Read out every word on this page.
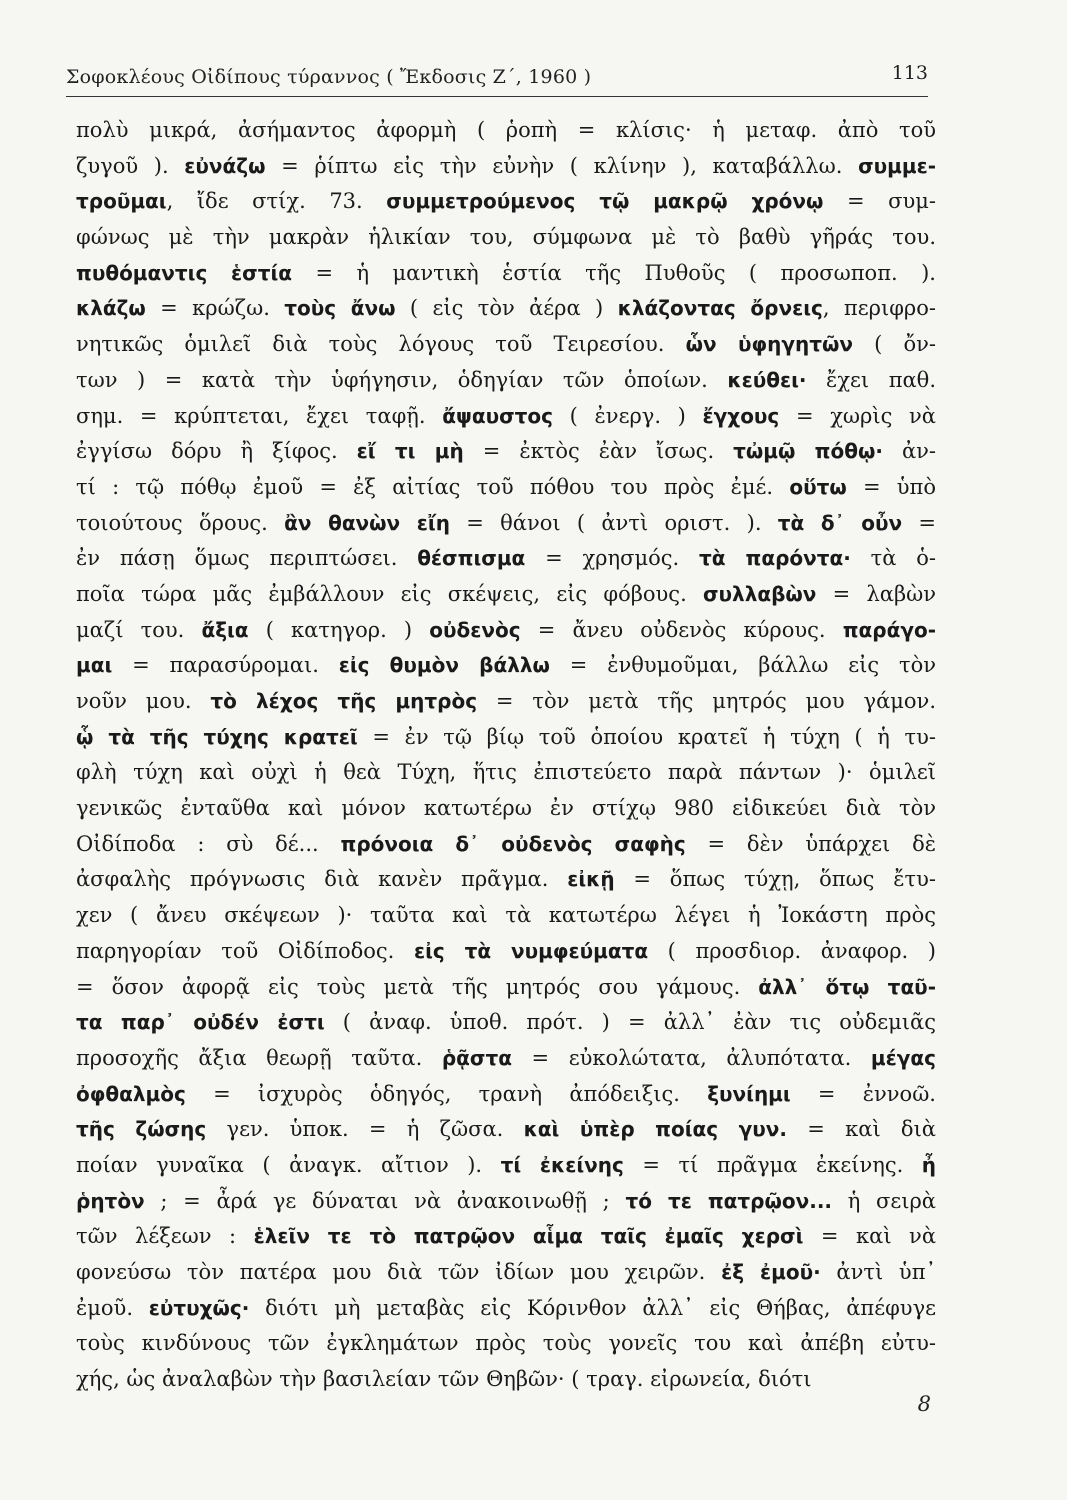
Σοφοκλέους Οἰδίπους τύραννος ( Ἔκδοσις Ζ΄, 1960 )	113
πολὺ μικρά, ἀσήμαντος ἀφορμὴ ( ῥοπὴ = κλίσις· ἡ μεταφ. ἀπὸ τοῦ
ζυγοῦ ). εὐνάζω = ῥίπτω εἰς τὴν εὐνὴν ( κλίνην ), καταβάλλω. συμμε-
τροῦμαι, ἴδε στίχ. 73. συμμετρούμενος τῷ μακρῷ χρόνῳ = συμ-
φώνως μὲ τὴν μακρὰν ἡλικίαν του, σύμφωνα μὲ τὸ βαθὺ γῆράς του.
πυθόμαντις ἑστία = ἡ μαντικὴ ἑστία τῆς Πυθοῦς ( προσωποπ. ).
κλάζω = κρώζω. τοὺς ἄνω ( εἰς τὸν ἀέρα ) κλάζοντας ὄρνεις, περιφρο-
νητικῶς ὁμιλεῖ διὰ τοὺς λόγους τοῦ Τειρεσίου. ὧν ὑφηγητῶν ( ὄν-
των ) = κατὰ τὴν ὑφήγησιν, ὁδηγίαν τῶν ὁποίων. κεύθει· ἔχει παθ.
σημ. = κρύπτεται, ἔχει ταφῇ. ἄψαυστος ( ἐνεργ. ) ἔγχους = χωρὶς νὰ
ἐγγίσω δόρυ ἢ ξίφος. εἴ τι μὴ = ἐκτὸς ἐὰν ἴσως. τὠμῷ πόθῳ· ἀν-
τί : τῷ πόθῳ ἐμοῦ = ἐξ αἰτίας τοῦ πόθου του πρὸς ἐμέ. οὕτω = ὑπὸ
τοιούτους ὅρους. ἂν θανὼν εἴη = θάνοι ( ἀντὶ οριστ. ). τὰ δ᾽ οὖν =
ἐν πάσῃ ὅμως περιπτώσει. θέσπισμα = χρησμός. τὰ παρόντα· τὰ ὁ-
ποῖα τώρα μᾶς ἐμβάλλουν εἰς σκέψεις, εἰς φόβους. συλλαβὼν = λαβὼν
μαζί του. ἄξια ( κατηγορ. ) οὐδενὸς = ἄνευ οὐδενὸς κύρους. παράγο-
μαι = παρασύρομαι. εἰς θυμὸν βάλλω = ἐνθυμοῦμαι, βάλλω εἰς τὸν
νοῦν μου. τὸ λέχος τῆς μητρὸς = τὸν μετὰ τῆς μητρός μου γάμον.
ᾧ τὰ τῆς τύχης κρατεῖ = ἐν τῷ βίῳ τοῦ ὁποίου κρατεῖ ἡ τύχη ( ἡ τυ-
φλὴ τύχη καὶ οὐχὶ ἡ θεὰ Τύχη, ἥτις ἐπιστεύετο παρὰ πάντων )· ὁμιλεῖ
γενικῶς ἐνταῦθα καὶ μόνον κατωτέρω ἐν στίχῳ 980 εἰδικεύει διὰ τὸν
Οἰδίποδα : σὺ δέ... πρόνοια δ᾽ οὐδενὸς σαφὴς = δὲν ὑπάρχει δὲ
ἀσφαλὴς πρόγνωσις διὰ κανὲν πρᾶγμα. εἰκῇ = ὅπως τύχῃ, ὅπως ἔτυ-
χεν ( ἄνευ σκέψεων )· ταῦτα καὶ τὰ κατωτέρω λέγει ἡ Ἰοκάστη πρὸς
παρηγορίαν τοῦ Οἰδίποδος. εἰς τὰ νυμφεύματα ( προσδιορ. ἀναφορ. )
= ὅσον ἀφορᾷ εἰς τοὺς μετὰ τῆς μητρός σου γάμους. ἀλλ᾽ ὅτῳ ταῦ-
τα παρ᾽ οὐδέν ἐστι ( ἀναφ. ὑποθ. πρότ. ) = ἀλλ᾽ ἐὰν τις οὐδεμιᾶς
προσοχῆς ἄξια θεωρῇ ταῦτα. ῥᾷστα = εὐκολώτατα, ἀλυπότατα. μέγας
ὀφθαλμὸς = ἰσχυρὸς ὁδηγός, τρανὴ ἀπόδειξις. ξυνίημι = ἐννοῶ.
τῆς ζώσης γεν. ὑποκ. = ἡ ζῶσα. καὶ ὑπὲρ ποίας γυν. = καὶ διὰ
ποίαν γυναῖκα ( ἀναγκ. αἴτιον ). τί ἐκείνης = τί πρᾶγμα ἐκείνης. ἦ
ῥητὸν ; = ἆρά γε δύναται νὰ ἀνακοινωθῇ ; τό τε πατρῷον... ἡ σειρὰ
τῶν λέξεων : ἑλεῖν τε τὸ πατρῷον αἷμα ταῖς ἐμαῖς χερσὶ = καὶ νὰ
φονεύσω τὸν πατέρα μου διὰ τῶν ἰδίων μου χειρῶν. ἐξ ἐμοῦ· ἀντὶ ὑπ᾽
ἐμοῦ. εὐτυχῶς· διότι μὴ μεταβὰς εἰς Κόρινθον ἀλλ᾽ εἰς Θήβας, ἀπέφυγε
τοὺς κινδύνους τῶν ἐγκλημάτων πρὸς τοὺς γονεῖς του καὶ ἀπέβη εὐτυ-
χής, ὡς ἀναλαβὼν τὴν βασιλείαν τῶν Θηβῶν· ( τραγ. εἰρωνεία, διότι
8
